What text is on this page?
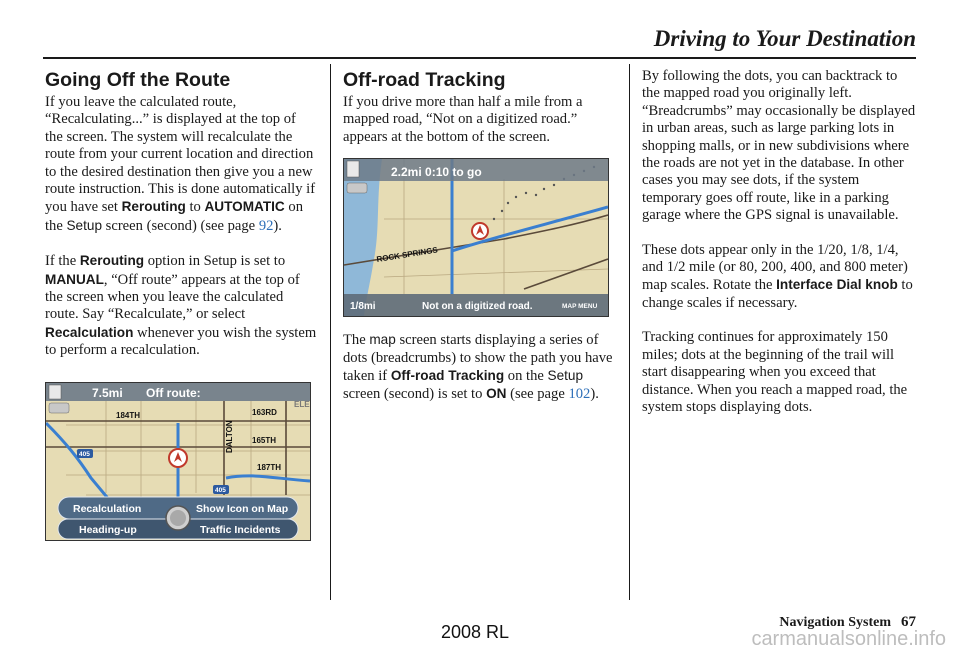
Driving to Your Destination
Going Off the Route

If you leave the calculated route, “Recalculating...” is displayed at the top of the screen. The system will recalculate the route from your current location and direction to the desired destination then give you a new route instruction. This is done automatically if you have set Rerouting to AUTOMATIC on the Setup screen (second) (see page 92).

If the Rerouting option in Setup is set to MANUAL, “Off route” appears at the top of the screen when you leave the calculated route. Say “Recalculate,” or select Recalculation whenever you wish the system to perform a recalculation.

7.5mi Off route:
184TH	163RD
165TH
187TH
ELE
DALTON
405
405
Recalculation	Show Icon on Map
Heading-up	Traffic Incidents
Off-road Tracking

If you drive more than half a mile from a mapped road, “Not on a digitized road.” appears at the bottom of the screen.

2.2mi 0:10 to go
ROCK SPRINGS
1/8mi	Not on a digitized road.	MAP MENU

The map screen starts displaying a series of dots (breadcrumbs) to show the path you have taken if Off-road Tracking on the Setup screen (second) is set to ON (see page 102).

By following the dots, you can backtrack to the mapped road you originally left. “Breadcrumbs” may occasionally be displayed in urban areas, such as large parking lots in shopping malls, or in new subdivisions where the roads are not yet in the database. In other cases you may see dots, if the system temporary goes off route, like in a parking garage where the GPS signal is unavailable.

These dots appear only in the 1/20, 1/8, 1/4, and 1/2 mile (or 80, 200, 400, and 800 meter) map scales. Rotate the Interface Dial knob to change scales if necessary.

Tracking continues for approximately 150 miles; dots at the beginning of the trail will start disappearing when you exceed that distance. When you reach a mapped road, the system stops displaying dots.

Navigation System 67
2008 RL	carmanualsonline.info
